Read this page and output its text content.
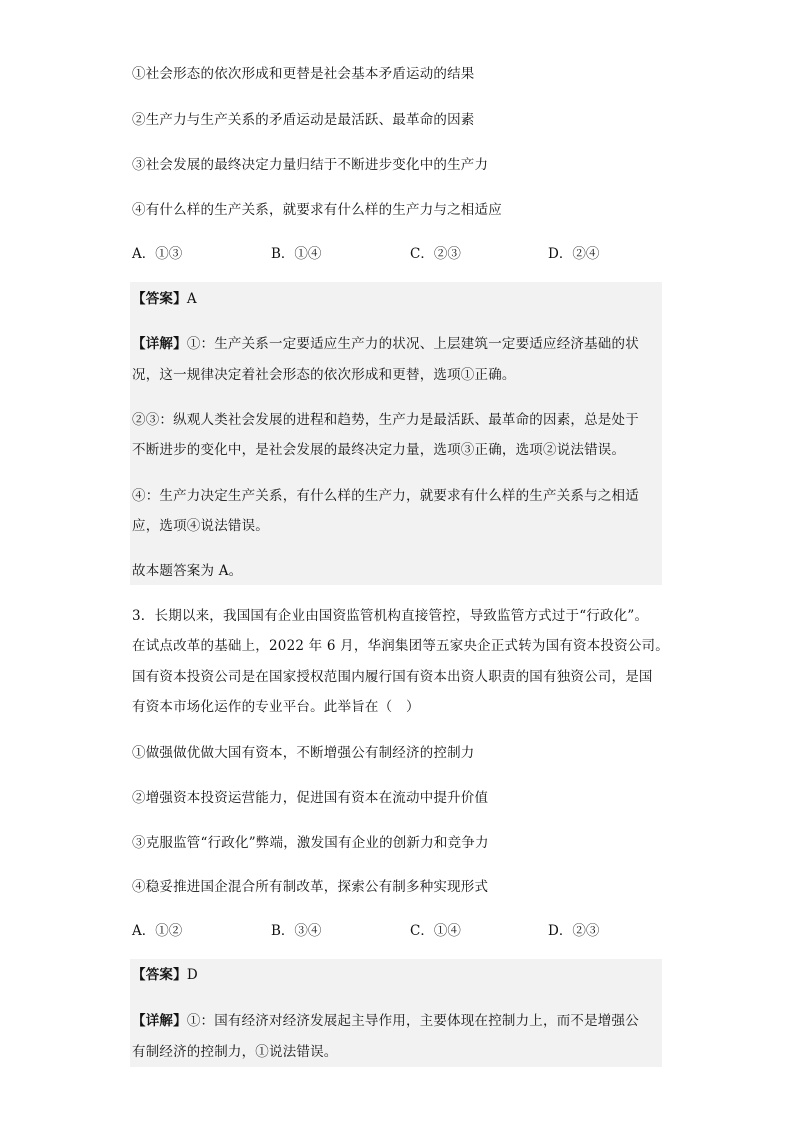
①社会形态的依次形成和更替是社会基本矛盾运动的结果
②生产力与生产关系的矛盾运动是最活跃、最革命的因素
③社会发展的最终决定力量归结于不断进步变化中的生产力
④有什么样的生产关系，就要求有什么样的生产力与之相适应
A．①③	B．①④	C．②③	D．②④
【答案】A
【详解】①：生产关系一定要适应生产力的状况、上层建筑一定要适应经济基础的状
况，这一规律决定着社会形态的依次形成和更替，选项①正确。
②③：纵观人类社会发展的进程和趋势，生产力是最活跃、最革命的因素，总是处于
不断进步的变化中，是社会发展的最终决定力量，选项③正确，选项②说法错误。
④：生产力决定生产关系，有什么样的生产力，就要求有什么样的生产关系与之相适
应，选项④说法错误。
故本题答案为 A。
3．长期以来，我国国有企业由国资监管机构直接管控，导致监管方式过于“行政化”。
在试点改革的基础上，2022 年 6 月，华润集团等五家央企正式转为国有资本投资公司。
国有资本投资公司是在国家授权范围内履行国有资本出资人职责的国有独资公司，是国
有资本市场化运作的专业平台。此举旨在（　）
①做强做优做大国有资本，不断增强公有制经济的控制力
②增强资本投资运营能力，促进国有资本在流动中提升价值
③克服监管“行政化”弊端，激发国有企业的创新力和竞争力
④稳妥推进国企混合所有制改革，探索公有制多种实现形式
A．①②	B．③④	C．①④	D．②③
【答案】D
【详解】①：国有经济对经济发展起主导作用，主要体现在控制力上，而不是增强公
有制经济的控制力，①说法错误。
